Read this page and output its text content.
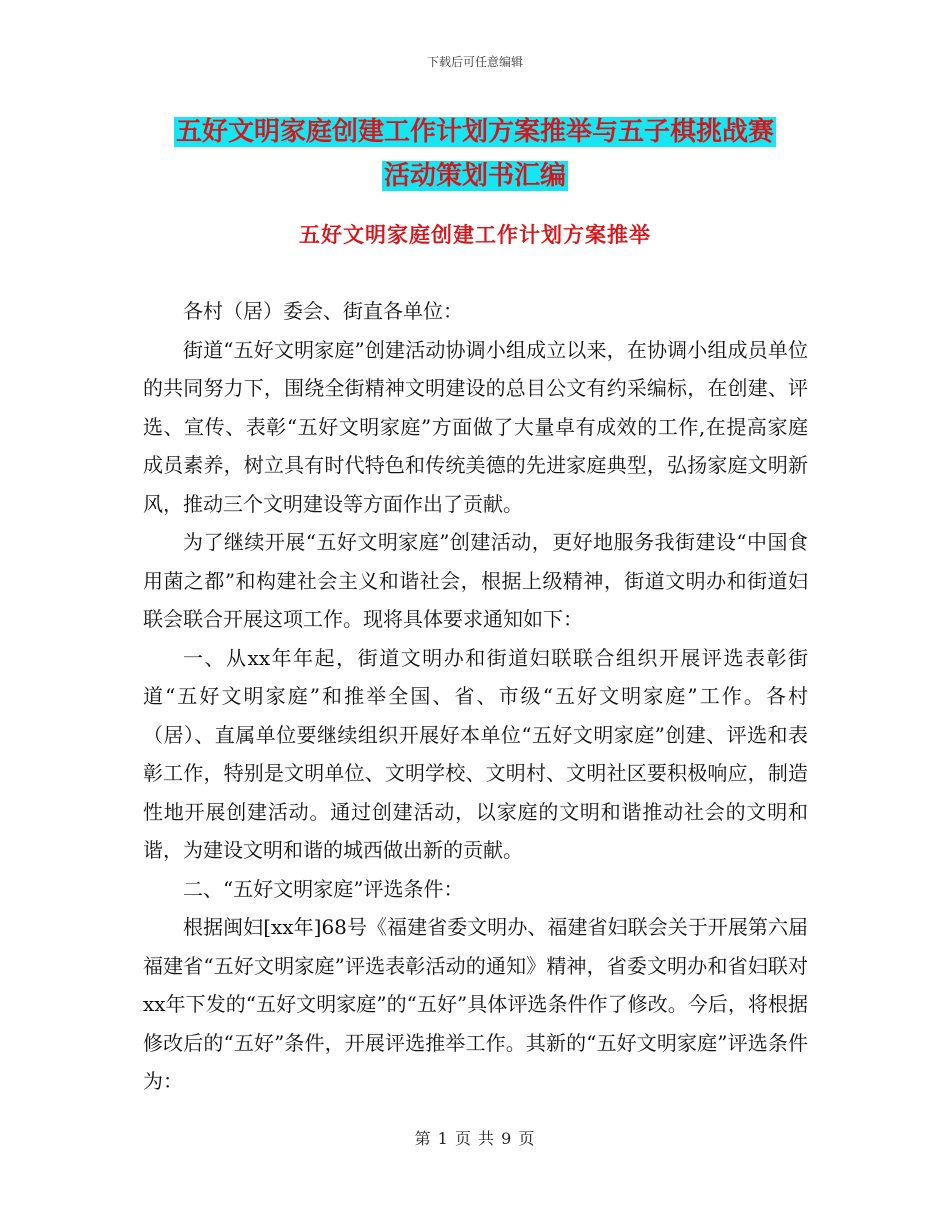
下载后可任意编辑
五好文明家庭创建工作计划方案推举与五子棋挑战赛
活动策划书汇编
五好文明家庭创建工作计划方案推举

各村（居）委会、街直各单位：

街道“五好文明家庭”创建活动协调小组成立以来，在协调小组成员单位的共同努力下，围绕全街精神文明建设的总目公文有约采编标，在创建、评选、宣传、表彰“五好文明家庭”方面做了大量卓有成效的工作,在提高家庭成员素养，树立具有时代特色和传统美德的先进家庭典型，弘扬家庭文明新风，推动三个文明建设等方面作出了贡献。

为了继续开展“五好文明家庭”创建活动，更好地服务我街建设“中国食用菌之都”和构建社会主义和谐社会，根据上级精神，街道文明办和街道妇联会联合开展这项工作。现将具体要求通知如下：

一、从xx年年起，街道文明办和街道妇联联合组织开展评选表彰街道“五好文明家庭”和推举全国、省、市级“五好文明家庭”工作。各村（居）、直属单位要继续组织开展好本单位“五好文明家庭”创建、评选和表彰工作，特别是文明单位、文明学校、文明村、文明社区要积极响应，制造性地开展创建活动。通过创建活动，以家庭的文明和谐推动社会的文明和谐，为建设文明和谐的城西做出新的贡献。

二、“五好文明家庭”评选条件：

根据闽妇[xx年]68号《福建省委文明办、福建省妇联会关于开展第六届福建省“五好文明家庭”评选表彰活动的通知》精神，省委文明办和省妇联对xx年下发的“五好文明家庭”的“五好”具体评选条件作了修改。今后，将根据修改后的“五好”条件，开展评选推举工作。其新的“五好文明家庭”评选条件为：

第 1 页 共 9 页
